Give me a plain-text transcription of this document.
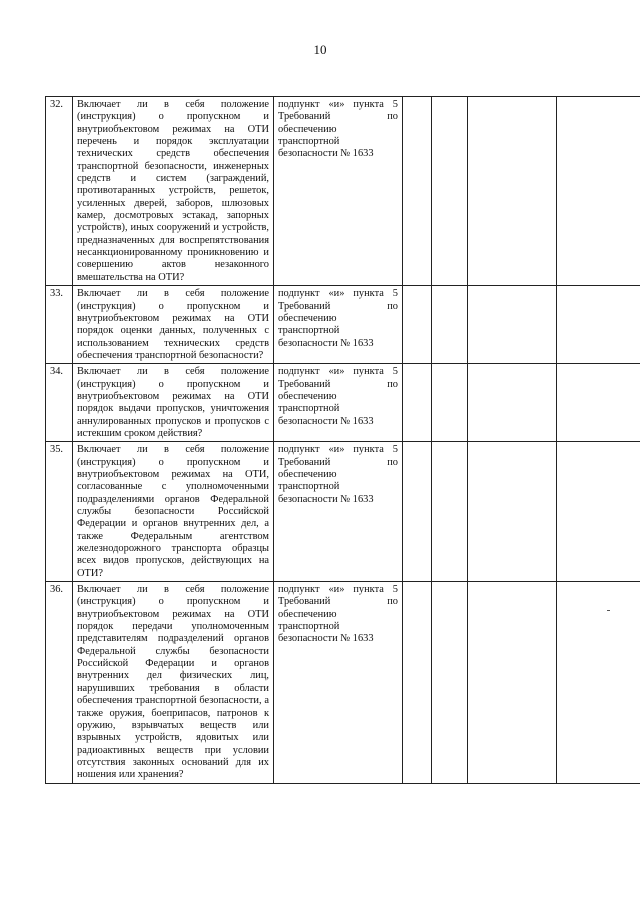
10
32.	Включает ли в себя положение (инструкция) о пропускном и внутриобъектовом режимах на ОТИ перечень и порядок эксплуатации технических средств обеспечения транспортной безопасности, инженерных средств и систем (заграждений, противотаранных устройств, решеток, усиленных дверей, заборов, шлюзовых камер, досмотровых эстакад, запорных устройств), иных сооружений и устройств, предназначенных для воспрепятствования несанкционированному проникновению и совершению актов незаконного вмешательства на ОТИ?	подпункт «и» пункта 5 Требований по обеспечению транспортной безопасности № 1633					
33.	Включает ли в себя положение (инструкция) о пропускном и внутриобъектовом режимах на ОТИ порядок оценки данных, полученных с использованием технических средств обеспечения транспортной безопасности?	подпункт «и» пункта 5 Требований по обеспечению транспортной безопасности № 1633					
34.	Включает ли в себя положение (инструкция) о пропускном и внутриобъектовом режимах на ОТИ порядок выдачи пропусков, уничтожения аннулированных пропусков и пропусков с истекшим сроком действия?	подпункт «и» пункта 5 Требований по обеспечению транспортной безопасности № 1633					
35.	Включает ли в себя положение (инструкция) о пропускном и внутриобъектовом режимах на ОТИ, согласованные с уполномоченными подразделениями органов Федеральной службы безопасности Российской Федерации и органов внутренних дел, а также Федеральным агентством железнодорожного транспорта образцы всех видов пропусков, действующих на ОТИ?	подпункт «и» пункта 5 Требований по обеспечению транспортной безопасности № 1633					
36.	Включает ли в себя положение (инструкция) о пропускном и внутриобъектовом режимах на ОТИ порядок передачи уполномоченным представителям подразделений органов Федеральной службы безопасности Российской Федерации и органов внутренних дел физических лиц, нарушивших требования в области обеспечения транспортной безопасности, а также оружия, боеприпасов, патронов к оружию, взрывчатых веществ или взрывных устройств, ядовитых или радиоактивных веществ при условии отсутствия законных оснований для их ношения или хранения?	подпункт «и» пункта 5 Требований по обеспечению транспортной безопасности № 1633					
